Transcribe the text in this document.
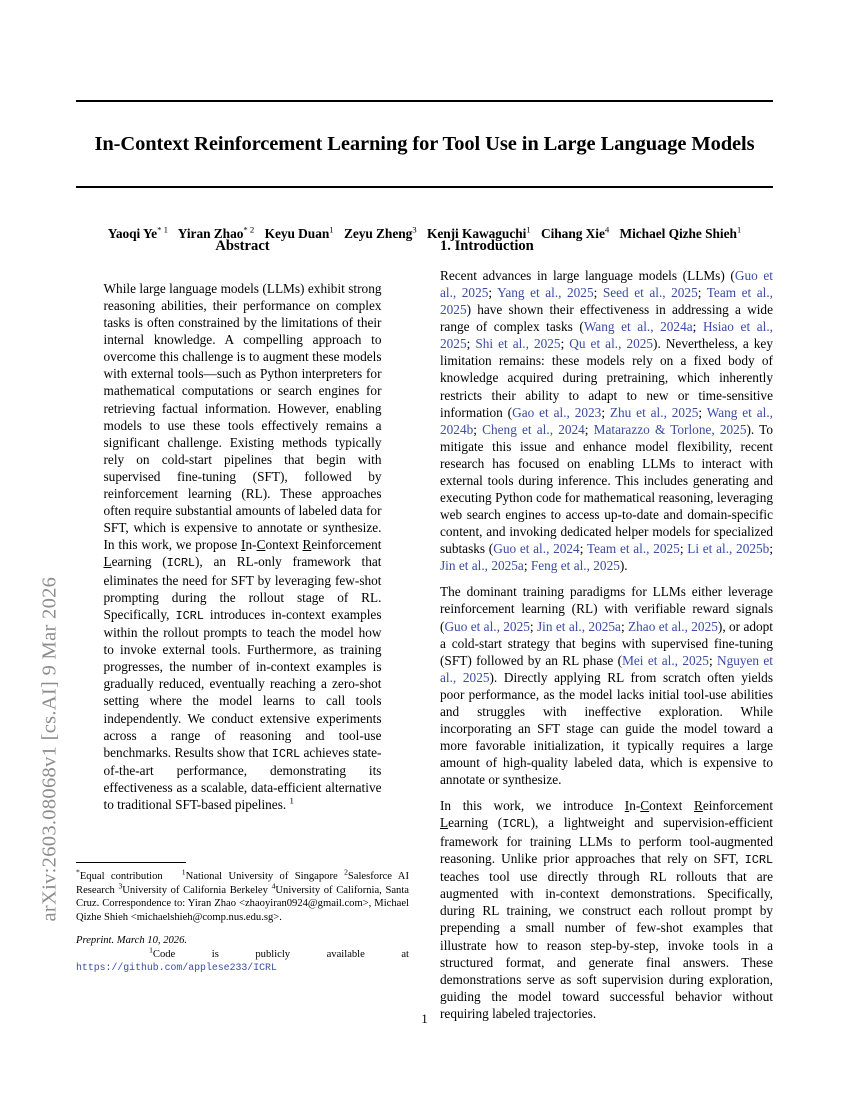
arXiv:2603.08068v1 [cs.AI] 9 Mar 2026
In-Context Reinforcement Learning for Tool Use in Large Language Models
Yaoqi Ye$^{* 1}$ Yiran Zhao$^{* 2}$ Keyu Duan$^1$ Zeyu Zheng$^3$ Kenji Kawaguchi$^1$ Cihang Xie$^4$ Michael Qizhe Shieh$^1$
Abstract
While large language models (LLMs) exhibit strong reasoning abilities, their performance on complex tasks is often constrained by the limitations of their internal knowledge. A compelling approach to overcome this challenge is to augment these models with external tools—such as Python interpreters for mathematical computations or search engines for retrieving factual information. However, enabling models to use these tools effectively remains a significant challenge. Existing methods typically rely on cold-start pipelines that begin with supervised fine-tuning (SFT), followed by reinforcement learning (RL). These approaches often require substantial amounts of labeled data for SFT, which is expensive to annotate or synthesize. In this work, we propose In-Context Reinforcement Learning (ICRL), an RL-only framework that eliminates the need for SFT by leveraging few-shot prompting during the rollout stage of RL. Specifically, ICRL introduces in-context examples within the rollout prompts to teach the model how to invoke external tools. Furthermore, as training progresses, the number of in-context examples is gradually reduced, eventually reaching a zero-shot setting where the model learns to call tools independently. We conduct extensive experiments across a range of reasoning and tool-use benchmarks. Results show that ICRL achieves state-of-the-art performance, demonstrating its effectiveness as a scalable, data-efficient alternative to traditional SFT-based pipelines. $^1$
1. Introduction

Recent advances in large language models (LLMs) (Guo et al., 2025; Yang et al., 2025; Seed et al., 2025; Team et al., 2025) have shown their effectiveness in addressing a wide range of complex tasks (Wang et al., 2024a; Hsiao et al., 2025; Shi et al., 2025; Qu et al., 2025). Nevertheless, a key limitation remains: these models rely on a fixed body of knowledge acquired during pretraining, which inherently restricts their ability to adapt to new or time-sensitive information (Gao et al., 2023; Zhu et al., 2025; Wang et al., 2024b; Cheng et al., 2024; Matarazzo & Torlone, 2025). To mitigate this issue and enhance model flexibility, recent research has focused on enabling LLMs to interact with external tools during inference. This includes generating and executing Python code for mathematical reasoning, leveraging web search engines to access up-to-date and domain-specific content, and invoking dedicated helper models for specialized subtasks (Guo et al., 2024; Team et al., 2025; Li et al., 2025b; Jin et al., 2025a; Feng et al., 2025).

The dominant training paradigms for LLMs either leverage reinforcement learning (RL) with verifiable reward signals (Guo et al., 2025; Jin et al., 2025a; Zhao et al., 2025), or adopt a cold-start strategy that begins with supervised fine-tuning (SFT) followed by an RL phase (Mei et al., 2025; Nguyen et al., 2025). Directly applying RL from scratch often yields poor performance, as the model lacks initial tool-use abilities and struggles with ineffective exploration. While incorporating an SFT stage can guide the model toward a more favorable initialization, it typically requires a large amount of high-quality labeled data, which is expensive to annotate or synthesize.

In this work, we introduce In-Context Reinforcement Learning (ICRL), a lightweight and supervision-efficient framework for training LLMs to perform tool-augmented reasoning. Unlike prior approaches that rely on SFT, ICRL teaches tool use directly through RL rollouts that are augmented with in-context demonstrations. Specifically, during RL training, we construct each rollout prompt by prepending a small number of few-shot examples that illustrate how to reason step-by-step, invoke tools in a structured format, and generate final answers. These demonstrations serve as soft supervision during exploration, guiding the model toward successful behavior without requiring labeled trajectories.

*Equal contribution	$^1$National University of Singapore $^2$Salesforce AI Research $^3$University of California Berkeley $^4$University of California, Santa Cruz. Correspondence to: Yiran Zhao <zhaoyiran0924@gmail.com>, Michael Qizhe Shieh <michaelshieh@comp.nus.edu.sg>.

Preprint. March 10, 2026.

$^1$Code is publicly available at https://github.com/applese233/ICRL

1
